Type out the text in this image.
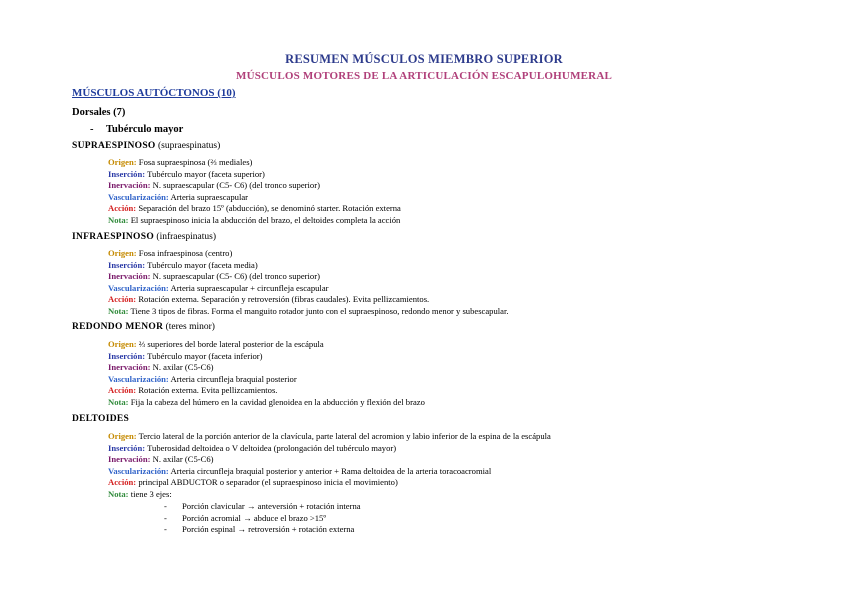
RESUMEN MÚSCULOS MIEMBRO SUPERIOR
MÚSCULOS MOTORES DE LA ARTICULACIÓN ESCAPULOHUMERAL
MÚSCULOS AUTÓCTONOS (10)
Dorsales (7)
- Tubérculo mayor
SUPRAESPINOSO (supraespinatus)
Origen: Fosa supraespinosa (⅔ mediales)
Inserción: Tubérculo mayor (faceta superior)
Inervación: N. supraescapular (C5- C6) (del tronco superior)
Vascularización: Arteria supraescapular
Acción: Separación del brazo 15º (abducción), se denominó starter. Rotación externa
Nota: El supraespinoso inicia la abducción del brazo, el deltoides completa la acción
INFRAESPINOSO (infraespinatus)
Origen: Fosa infraespinosa (centro)
Inserción: Tubérculo mayor (faceta media)
Inervación: N. supraescapular (C5- C6) (del tronco superior)
Vascularización: Arteria supraescapular + circunfleja escapular
Acción: Rotación externa. Separación y retroversión (fibras caudales). Evita pellizcamientos.
Nota: Tiene 3 tipos de fibras. Forma el manguito rotador junto con el supraespinoso, redondo menor y subescapular.
REDONDO MENOR (teres minor)
Origen: ⅔ superiores del borde lateral posterior de la escápula
Inserción: Tubérculo mayor (faceta inferior)
Inervación: N. axilar (C5-C6)
Vascularización: Arteria circunfleja braquial posterior
Acción: Rotación externa. Evita pellizcamientos.
Nota: Fija la cabeza del húmero en la cavidad glenoidea en la abducción y flexión del brazo
DELTOIDES
Origen: Tercio lateral de la porción anterior de la clavícula, parte lateral del acromion y labio inferior de la espina de la escápula
Inserción: Tuberosidad deltoidea o V deltoidea (prolongación del tubérculo mayor)
Inervación: N. axilar (C5-C6)
Vascularización: Arteria circunfleja braquial posterior y anterior + Rama deltoidea de la arteria toracoacromial
Acción: principal ABDUCTOR o separador (el supraespinoso inicia el movimiento)
Nota: tiene 3 ejes:
- Porción clavicular → anteversión + rotación interna
- Porción acromial → abduce el brazo >15º
- Porción espinal → retroversión + rotación externa
